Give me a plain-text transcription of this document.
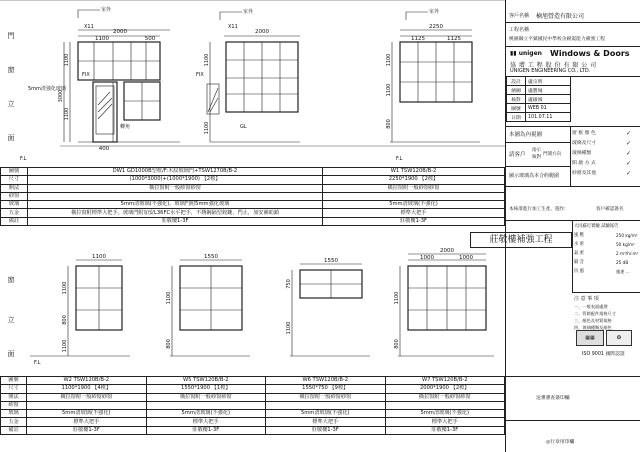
門
窗
立
面
窗
立
面
2000
1100	500
400
2000
2250
1125	1125
室外	室外	室外
5mm清強化玻璃
X11	X11
FIX	FIX
F.L	F.L
轉角	GL
3000
1100
1100
1100
1100
1100
1100
800
圖號	DW1 GD1000B型框/F:木紋玻璃門+TSW1270B/B-2	W1 TSW120B/B-2
尺寸	(1000*3000)+(1000*1900) 【2樘】	2250*1900 【2樘】
開法	橫拉窗附一般紗窗紗窗	橫拉窗附一般紗窗紗窗
紗窗		
玻璃	5mm清玻璃(不強化)、玻璃門附5mm強化玻璃	5mm清玻璃(不強化)
五金	橫拉窗附標準大把手，玻璃門附加安L36FC水平把手，不銹鋼隔型鉸鏈，門止，加安補助鎖	標準大把手
備註	莊敬樓1-3F	莊敬樓1-3F
1100	1550
1550
2000
1000	1000
1100
800
1100
1100
800
750
1100
1100
800
F.L
莊敬樓補強工程
圖號	W2 TSW120B/B-2	W5 TSW120B/B-2	W6 TSW120B/B-2	W7 TSW120B/B-2
尺寸	1100*1900 【4樘】	1550*1900 【1樘】	1550*750 【9樘】	2000*1900 【2樘】
開法	橫拉窗附一般紗窗紗窗	橫拉窗附一般紗窗紗窗	橫拉窗附一般紗窗紗窗	橫拉窗附一般紗窗紗窗
紗窗				
玻璃	5mm清玻璃(不強化)	5mm清玻璃(不強化)	5mm清玻璃(不強化)	5mm清玻璃(不強化)
五金	標準大把手	標準大把手	標準大把手	標準大把手
備註	莊敬樓1-3F	莊敬樓1-3F	莊敬樓1-3F	莊敬樓1-3F
客戶名稱 楠旭營造有限公司
工程名稱
桃園縣立平鎮國民中學校舍耐震能力補強工程
▮▮ unigen Windows & Doors
協 增 工 程 股 份 有 限 公 司
UNIGEN ENGINEERING CO., LTD.
設計	盧宗明
繪圖	盧寶城
核對	盧銀城
圖號	WEB 01
日期	101.07.11
本圖為內視圖
請客戶
指示
核對
門開方向
圖示玻璃為本合約範圍
窗 框 顏 色
玻璃及尺寸
玻璃種類
開 啟 方 式
紗窗及其他
✓
✓
✓
✓
✓
本核准進行加工生產、施作:	客戶確認簽名
大同蘇打實驗 試驗報告
風 壓
水 密
氣 密
隔 音
抗 風
250 kg/m²
50 kg/m²
2 m³/hr.m²
25 dB
風速 ...
注 意 事 項
一、一般表面處理
二、管路配件規格尺寸
三、顏色及材質規格
四、玻璃種類及顏色
▦▦	✪
ISO 9001 國際認證
送審審查簽印欄
◎行章用印欄
